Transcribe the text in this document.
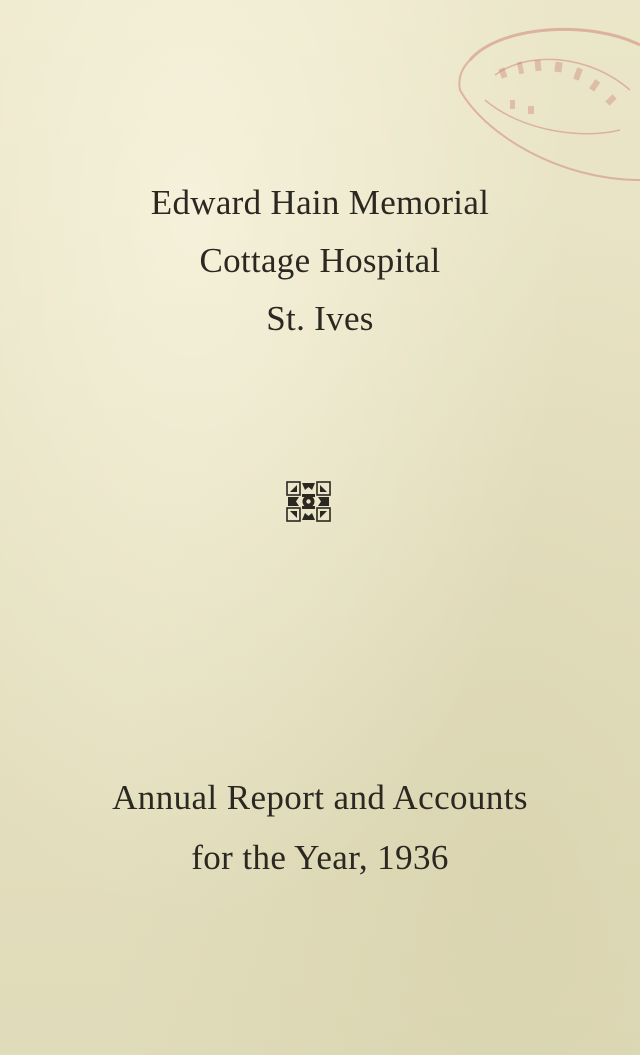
Edward Hain Memorial
Cottage Hospital
St. Ives
Annual Report and Accounts
for the Year, 1936
